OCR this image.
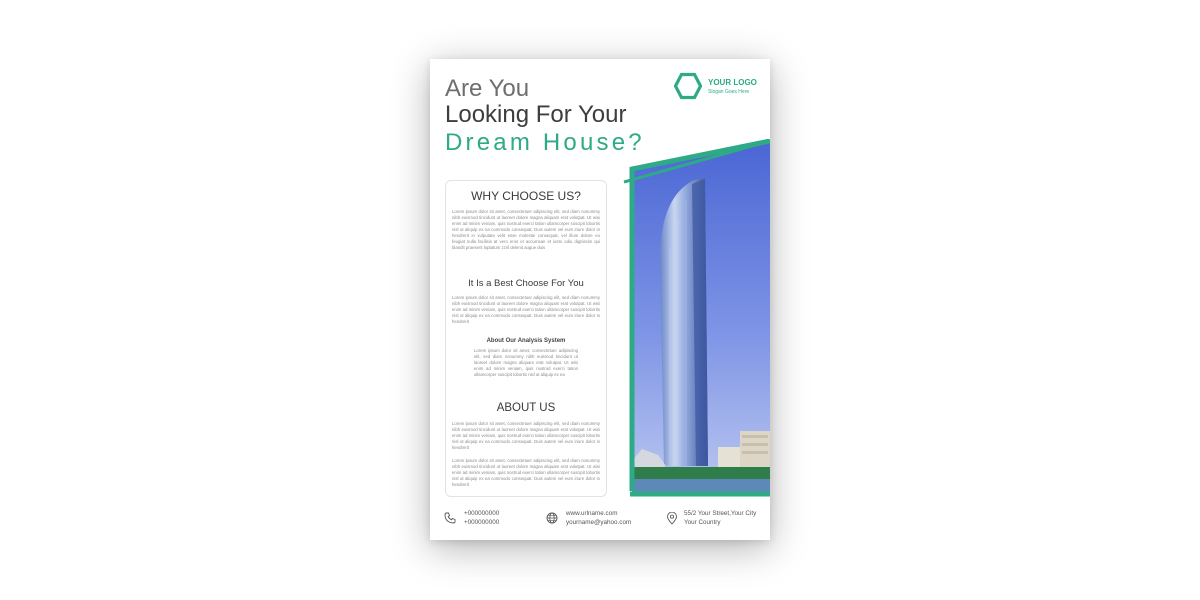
Are You
Looking For Your
Dream House?
YOUR LOGO
Slogan Goes Here
WHY CHOOSE US?

Lorem ipsum dolor sit amet, consectetuer adipiscing elit, sed diam nonummy nibh euismod tincidunt ut laoreet dolore magna aliquam erat volutpat. Ut wisi enim ad minim veniam, quis nostrud exerci tation ullamcorper suscipit lobortis nisl ut aliquip ex ea commodo consequat. Duis autem vel eum iriure dolor in hendrerit in vulputate velit esse molestie consequat, vel illum dolore eu feugiat nulla facilisis at vero eros et accumsan et iusto odio dignissim qui blandit praesent luptatum zzril delenit augue duis

It Is a Best Choose For You

Lorem ipsum dolor sit amet, consectetuer adipiscing elit, sed diam nonummy nibh euismod tincidunt ut laoreet dolore magna aliquam erat volutpat. Ut wisi enim ad minim veniam, quis nostrud exerci tation ullamcorper suscipit lobortis nisl ut aliquip ex ea commodo consequat. Duis autem vel eum iriure dolor in hendrerit

About Our Analysis System

Lorem ipsum dolor sit amet, consectetuer adipiscing elit, sed diam nonummy nibh euismod tincidunt ut laoreet dolore magna aliquam erat volutpat. Ut wisi enim ad minim veniam, quis nostrud exerci tation ullamcorper suscipit lobortis nisl ut aliquip ex ea

ABOUT US

Lorem ipsum dolor sit amet, consectetuer adipiscing elit, sed diam nonummy nibh euismod tincidunt ut laoreet dolore magna aliquam erat volutpat. Ut wisi enim ad minim veniam, quis nostrud exerci tation ullamcorper suscipit lobortis nisl ut aliquip ex ea commodo consequat. Duis autem vel eum iriure dolor in hendrerit

Lorem ipsum dolor sit amet, consectetuer adipiscing elit, sed diam nonummy nibh euismod tincidunt ut laoreet dolore magna aliquam erat volutpat. Ut wisi enim ad minim veniam, quis nostrud exerci tation ullamcorper suscipit lobortis nisl ut aliquip ex ea commodo consequat. Duis autem vel eum iriure dolor in hendrerit

+000000000
+000000000
www.urlname.com
yourname@yahoo.com
55/2 Your Street,Your City
Your Country
